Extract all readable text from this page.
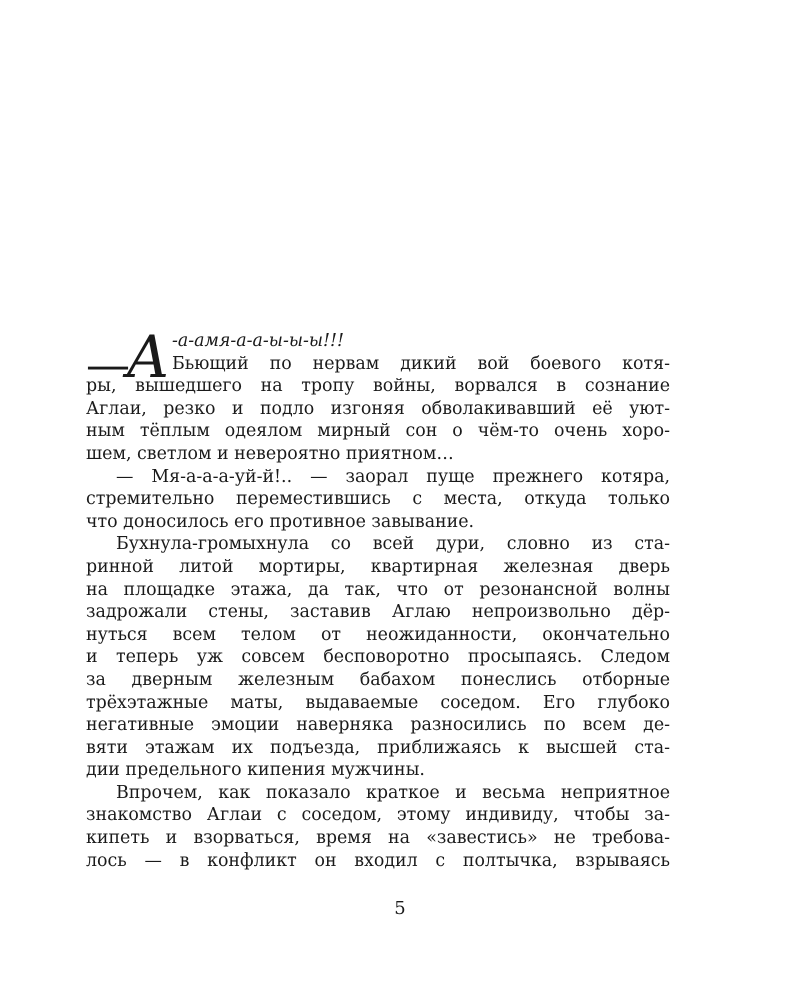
—
А -а-амя-а-а-ы-ы-ы!!!
Бьющий по нервам дикий вой боевого котя-
ры, вышедшего на тропу войны, ворвался в сознание
Аглаи, резко и подло изгоняя обволакивавший её уют-
ным тёплым одеялом мирный сон о чём-то очень хоро-
шем, светлом и невероятно приятном…
— Мя-а-а-а-уй-й!.. — заорал пуще прежнего котяра,
стремительно переместившись с места, откуда только
что доносилось его противное завывание.
Бухнула-громыхнула со всей дури, словно из ста-
ринной литой мортиры, квартирная железная дверь
на площадке этажа, да так, что от резонансной волны
задрожали стены, заставив Аглаю непроизвольно дёр-
нуться всем телом от неожиданности, окончательно
и теперь уж совсем бесповоротно просыпаясь. Следом
за дверным железным бабахом понеслись отборные
трёхэтажные маты, выдаваемые соседом. Его глубоко
негативные эмоции наверняка разносились по всем де-
вяти этажам их подъезда, приближаясь к высшей ста-
дии предельного кипения мужчины.
Впрочем, как показало краткое и весьма неприятное
знакомство Аглаи с соседом, этому индивиду, чтобы за-
кипеть и взорваться, время на «завестись» не требова-
лось — в конфликт он входил с полтычка, взрываясь
5
